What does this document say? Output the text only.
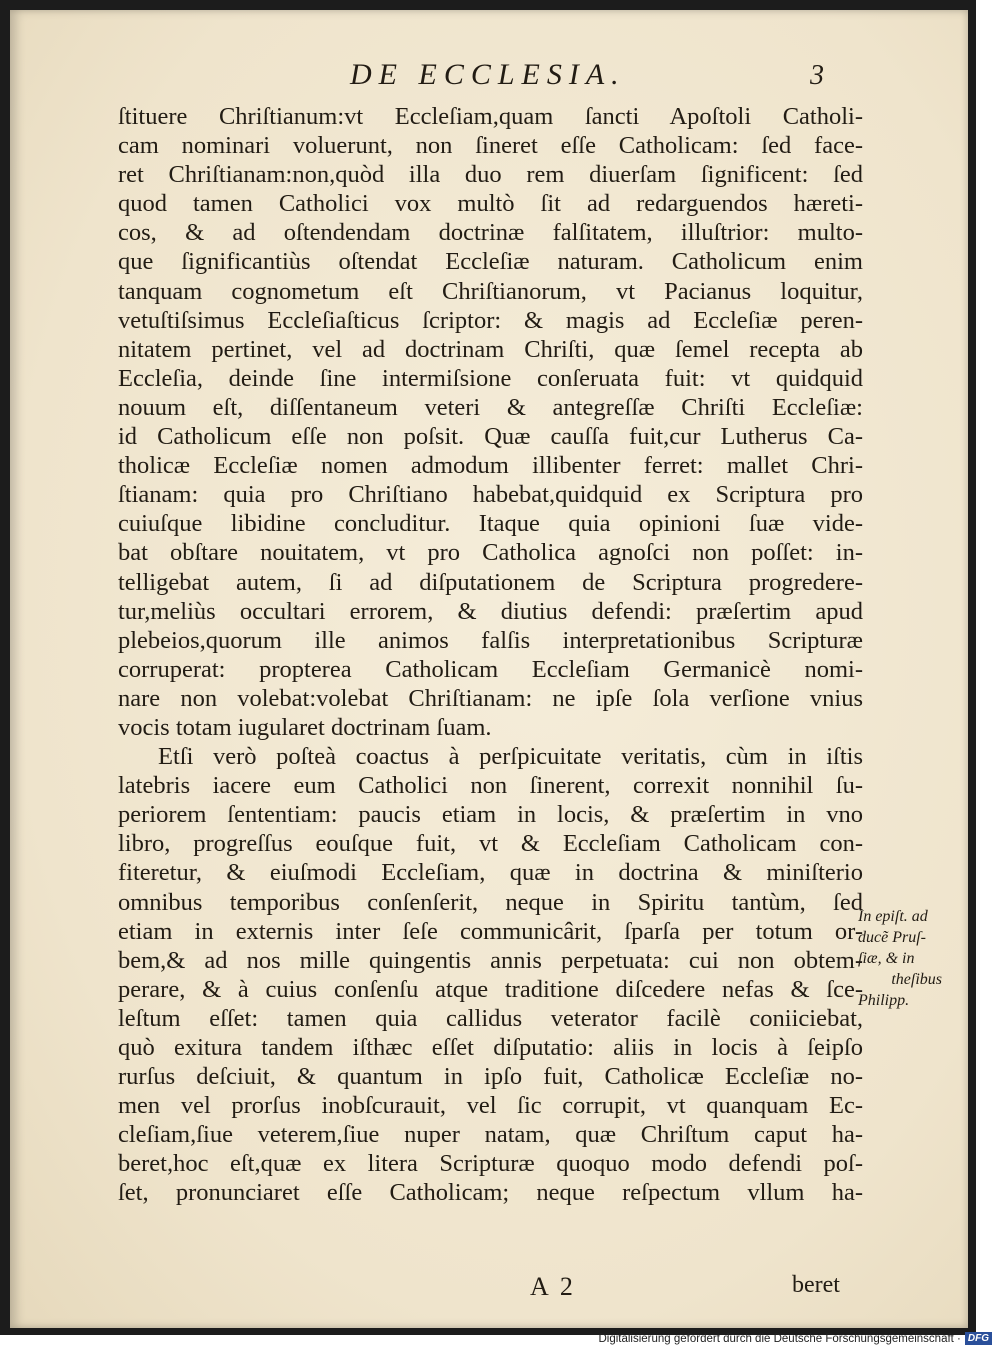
DE ECCLESIA.	3
ſtituere Chriſtianum:vt Eccleſiam,quam ſancti Apoſtoli Catholi-
cam nominari voluerunt, non ſineret eſſe Catholicam: ſed face-
ret Chriſtianam:non,quòd illa duo rem diuerſam ſignificent: ſed
quod tamen Catholici vox multò ſit ad redarguendos hæreti-
cos, & ad oſtendendam doctrinæ falſitatem, illuſtrior: multo-
que ſignificantiùs oſtendat Eccleſiæ naturam. Catholicum enim
tanquam cognometum eſt Chriſtianorum, vt Pacianus loquitur,
vetuſtiſsimus Eccleſiaſticus ſcriptor: & magis ad Eccleſiæ peren-
nitatem pertinet, vel ad doctrinam Chriſti, quæ ſemel recepta ab
Eccleſia, deinde ſine intermiſsione conſeruata fuit: vt quidquid
nouum eſt, diſſentaneum veteri & antegreſſæ Chriſti Eccleſiæ:
id Catholicum eſſe non poſsit. Quæ cauſſa fuit,cur Lutherus Ca-
tholicæ Eccleſiæ nomen admodum illibenter ferret: mallet Chri-
ſtianam: quia pro Chriſtiano habebat,quidquid ex Scriptura pro
cuiuſque libidine concluditur. Itaque quia opinioni ſuæ vide-
bat obſtare nouitatem, vt pro Catholica agnoſci non poſſet: in-
telligebat autem, ſi ad diſputationem de Scriptura progredere-
tur,meliùs occultari errorem, & diutius defendi: præſertim apud
plebeios,quorum ille animos falſis interpretationibus Scripturæ
corruperat: propterea Catholicam Eccleſiam Germanicè nomi-
nare non volebat:volebat Chriſtianam: ne ipſe ſola verſione vnius
vocis totam iugularet doctrinam ſuam.
Etſi verò poſteà coactus à perſpicuitate veritatis, cùm in iſtis
latebris iacere eum Catholici non ſinerent, correxit nonnihil ſu-
periorem ſententiam: paucis etiam in locis, & præſertim in vno
libro, progreſſus eouſque fuit, vt & Eccleſiam Catholicam con-
fiteretur, & eiuſmodi Eccleſiam, quæ in doctrina & miniſterio
omnibus temporibus conſenſerit, neque in Spiritu tantùm, ſed
etiam in externis inter ſeſe communicârit, ſparſa per totum or-
bem,& ad nos mille quingentis annis perpetuata: cui non obtem-
perare, & à cuius conſenſu atque traditione diſcedere nefas & ſce-
leſtum eſſet: tamen quia callidus veterator facilè coniiciebat,
quò exitura tandem iſthæc eſſet diſputatio: aliis in locis à ſeipſo
rurſus deſciuit, & quantum in ipſo fuit, Catholicæ Eccleſiæ no-
men vel prorſus inobſcurauit, vel ſic corrupit, vt quanquam Ec-
cleſiam,ſiue veterem,ſiue nuper natam, quæ Chriſtum caput ha-
beret,hoc eſt,quæ ex litera Scripturæ quoquo modo defendi poſ-
ſet, pronunciaret eſſe Catholicam; neque reſpectum vllum ha-
In epiſt. ad
ducẽ Pruſ-
ſiæ, & in
theſibus
Philipp.
A 2	beret
Digitalisierung gefördert durch die Deutsche Forschungsgemeinschaft · DFG
